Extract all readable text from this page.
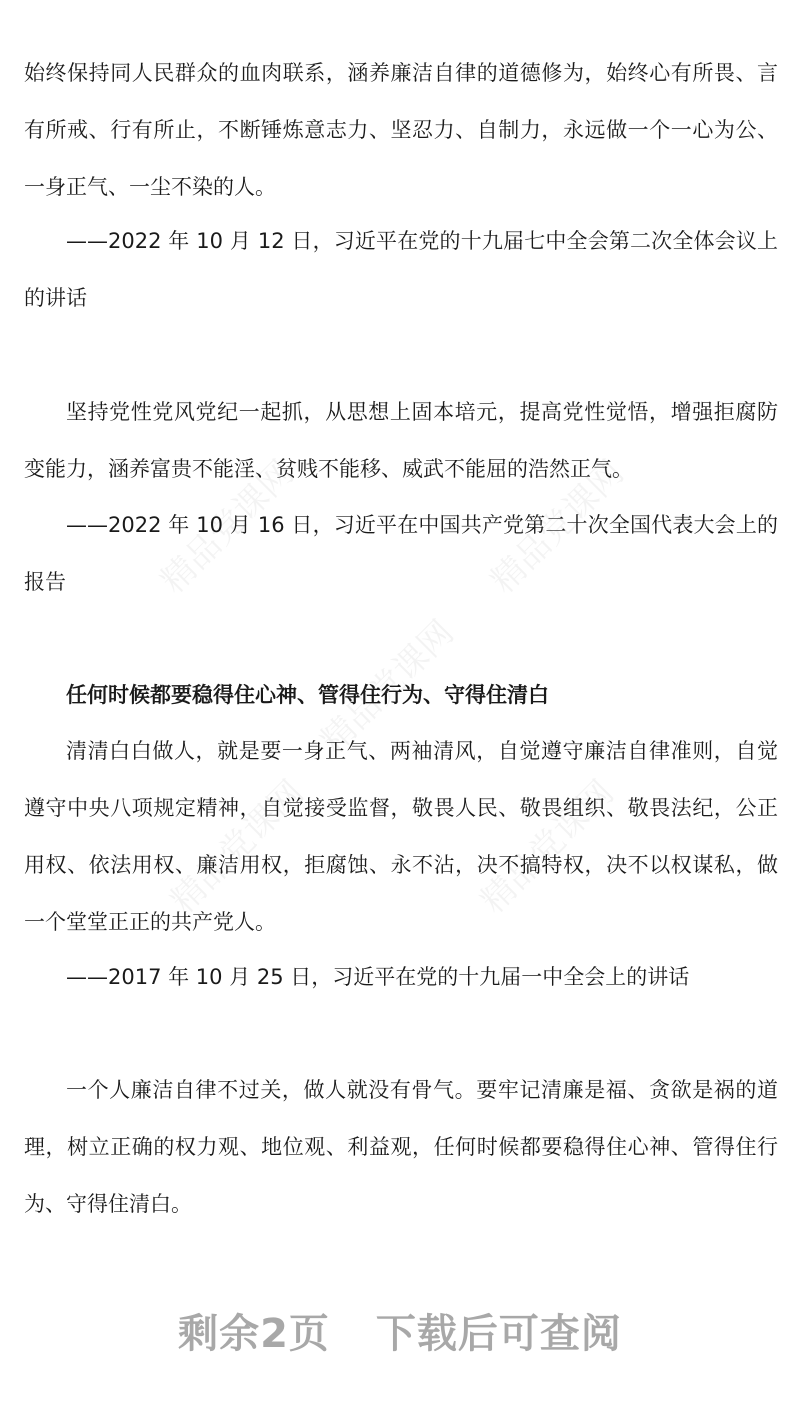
始终保持同人民群众的血肉联系，涵养廉洁自律的道德修为，始终心有所畏、言有所戒、行有所止，不断锤炼意志力、坚忍力、自制力，永远做一个一心为公、一身正气、一尘不染的人。

——2022 年 10 月 12 日，习近平在党的十九届七中全会第二次全体会议上的讲话

坚持党性党风党纪一起抓，从思想上固本培元，提高党性觉悟，增强拒腐防变能力，涵养富贵不能淫、贫贱不能移、威武不能屈的浩然正气。

——2022 年 10 月 16 日，习近平在中国共产党第二十次全国代表大会上的报告

任何时候都要稳得住心神、管得住行为、守得住清白

清清白白做人，就是要一身正气、两袖清风，自觉遵守廉洁自律准则，自觉遵守中央八项规定精神，自觉接受监督，敬畏人民、敬畏组织、敬畏法纪，公正用权、依法用权、廉洁用权，拒腐蚀、永不沾，决不搞特权，决不以权谋私，做一个堂堂正正的共产党人。

——2017 年 10 月 25 日，习近平在党的十九届一中全会上的讲话

一个人廉洁自律不过关，做人就没有骨气。要牢记清廉是福、贪欲是祸的道理，树立正确的权力观、地位观、利益观，任何时候都要稳得住心神、管得住行为、守得住清白。

剩余2页 下载后可查阅
